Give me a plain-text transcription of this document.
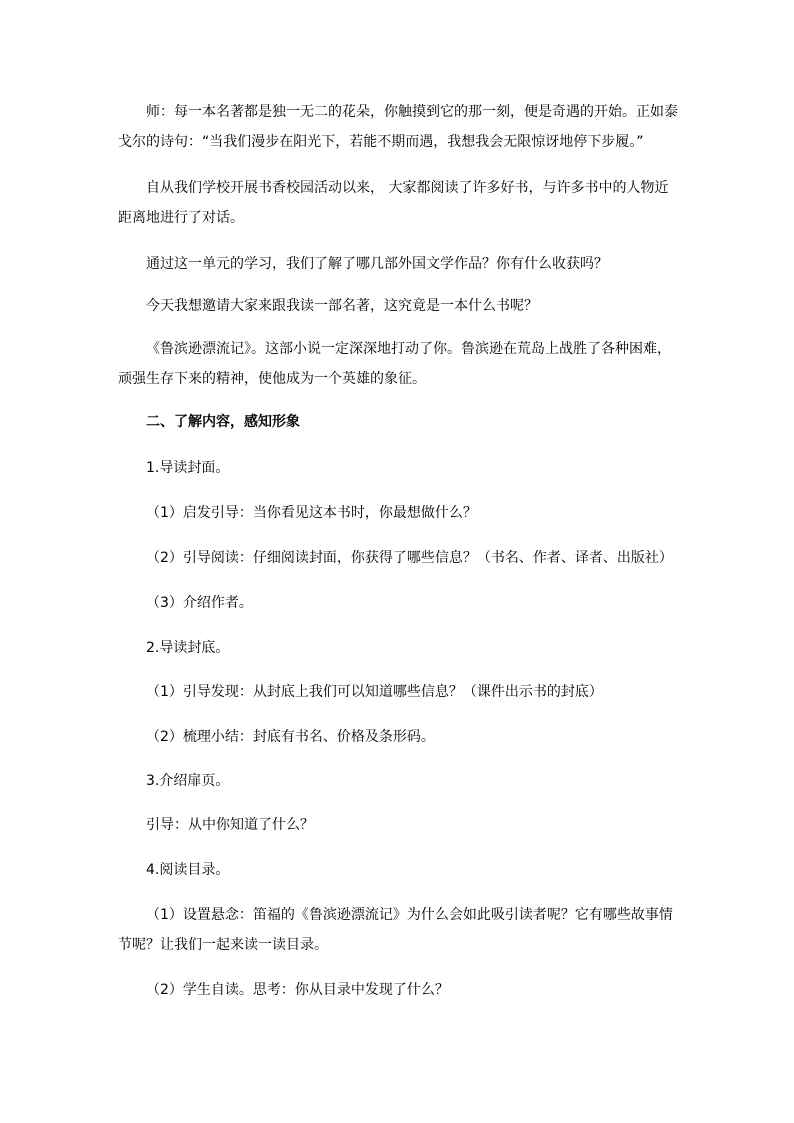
师：每一本名著都是独一无二的花朵，你触摸到它的那一刻，便是奇遇的开始。正如泰戈尔的诗句：“当我们漫步在阳光下，若能不期而遇，我想我会无限惊讶地停下步履。”

自从我们学校开展书香校园活动以来， 大家都阅读了许多好书，与许多书中的人物近距离地进行了对话。

通过这一单元的学习，我们了解了哪几部外国文学作品？你有什么收获吗？

今天我想邀请大家来跟我读一部名著，这究竟是一本什么书呢？

《鲁滨逊漂流记》。这部小说一定深深地打动了你。鲁滨逊在荒岛上战胜了各种困难，顽强生存下来的精神，使他成为一个英雄的象征。

二、了解内容，感知形象

1.导读封面。

（1）启发引导：当你看见这本书时，你最想做什么？

（2）引导阅读：仔细阅读封面，你获得了哪些信息？（书名、作者、译者、出版社）

（3）介绍作者。

2.导读封底。

（1）引导发现：从封底上我们可以知道哪些信息？（课件出示书的封底）

（2）梳理小结：封底有书名、价格及条形码。

3.介绍扉页。

引导：从中你知道了什么？

4.阅读目录。

（1）设置悬念：笛福的《鲁滨逊漂流记》为什么会如此吸引读者呢？它有哪些故事情节呢？让我们一起来读一读目录。

（2）学生自读。思考：你从目录中发现了什么？
